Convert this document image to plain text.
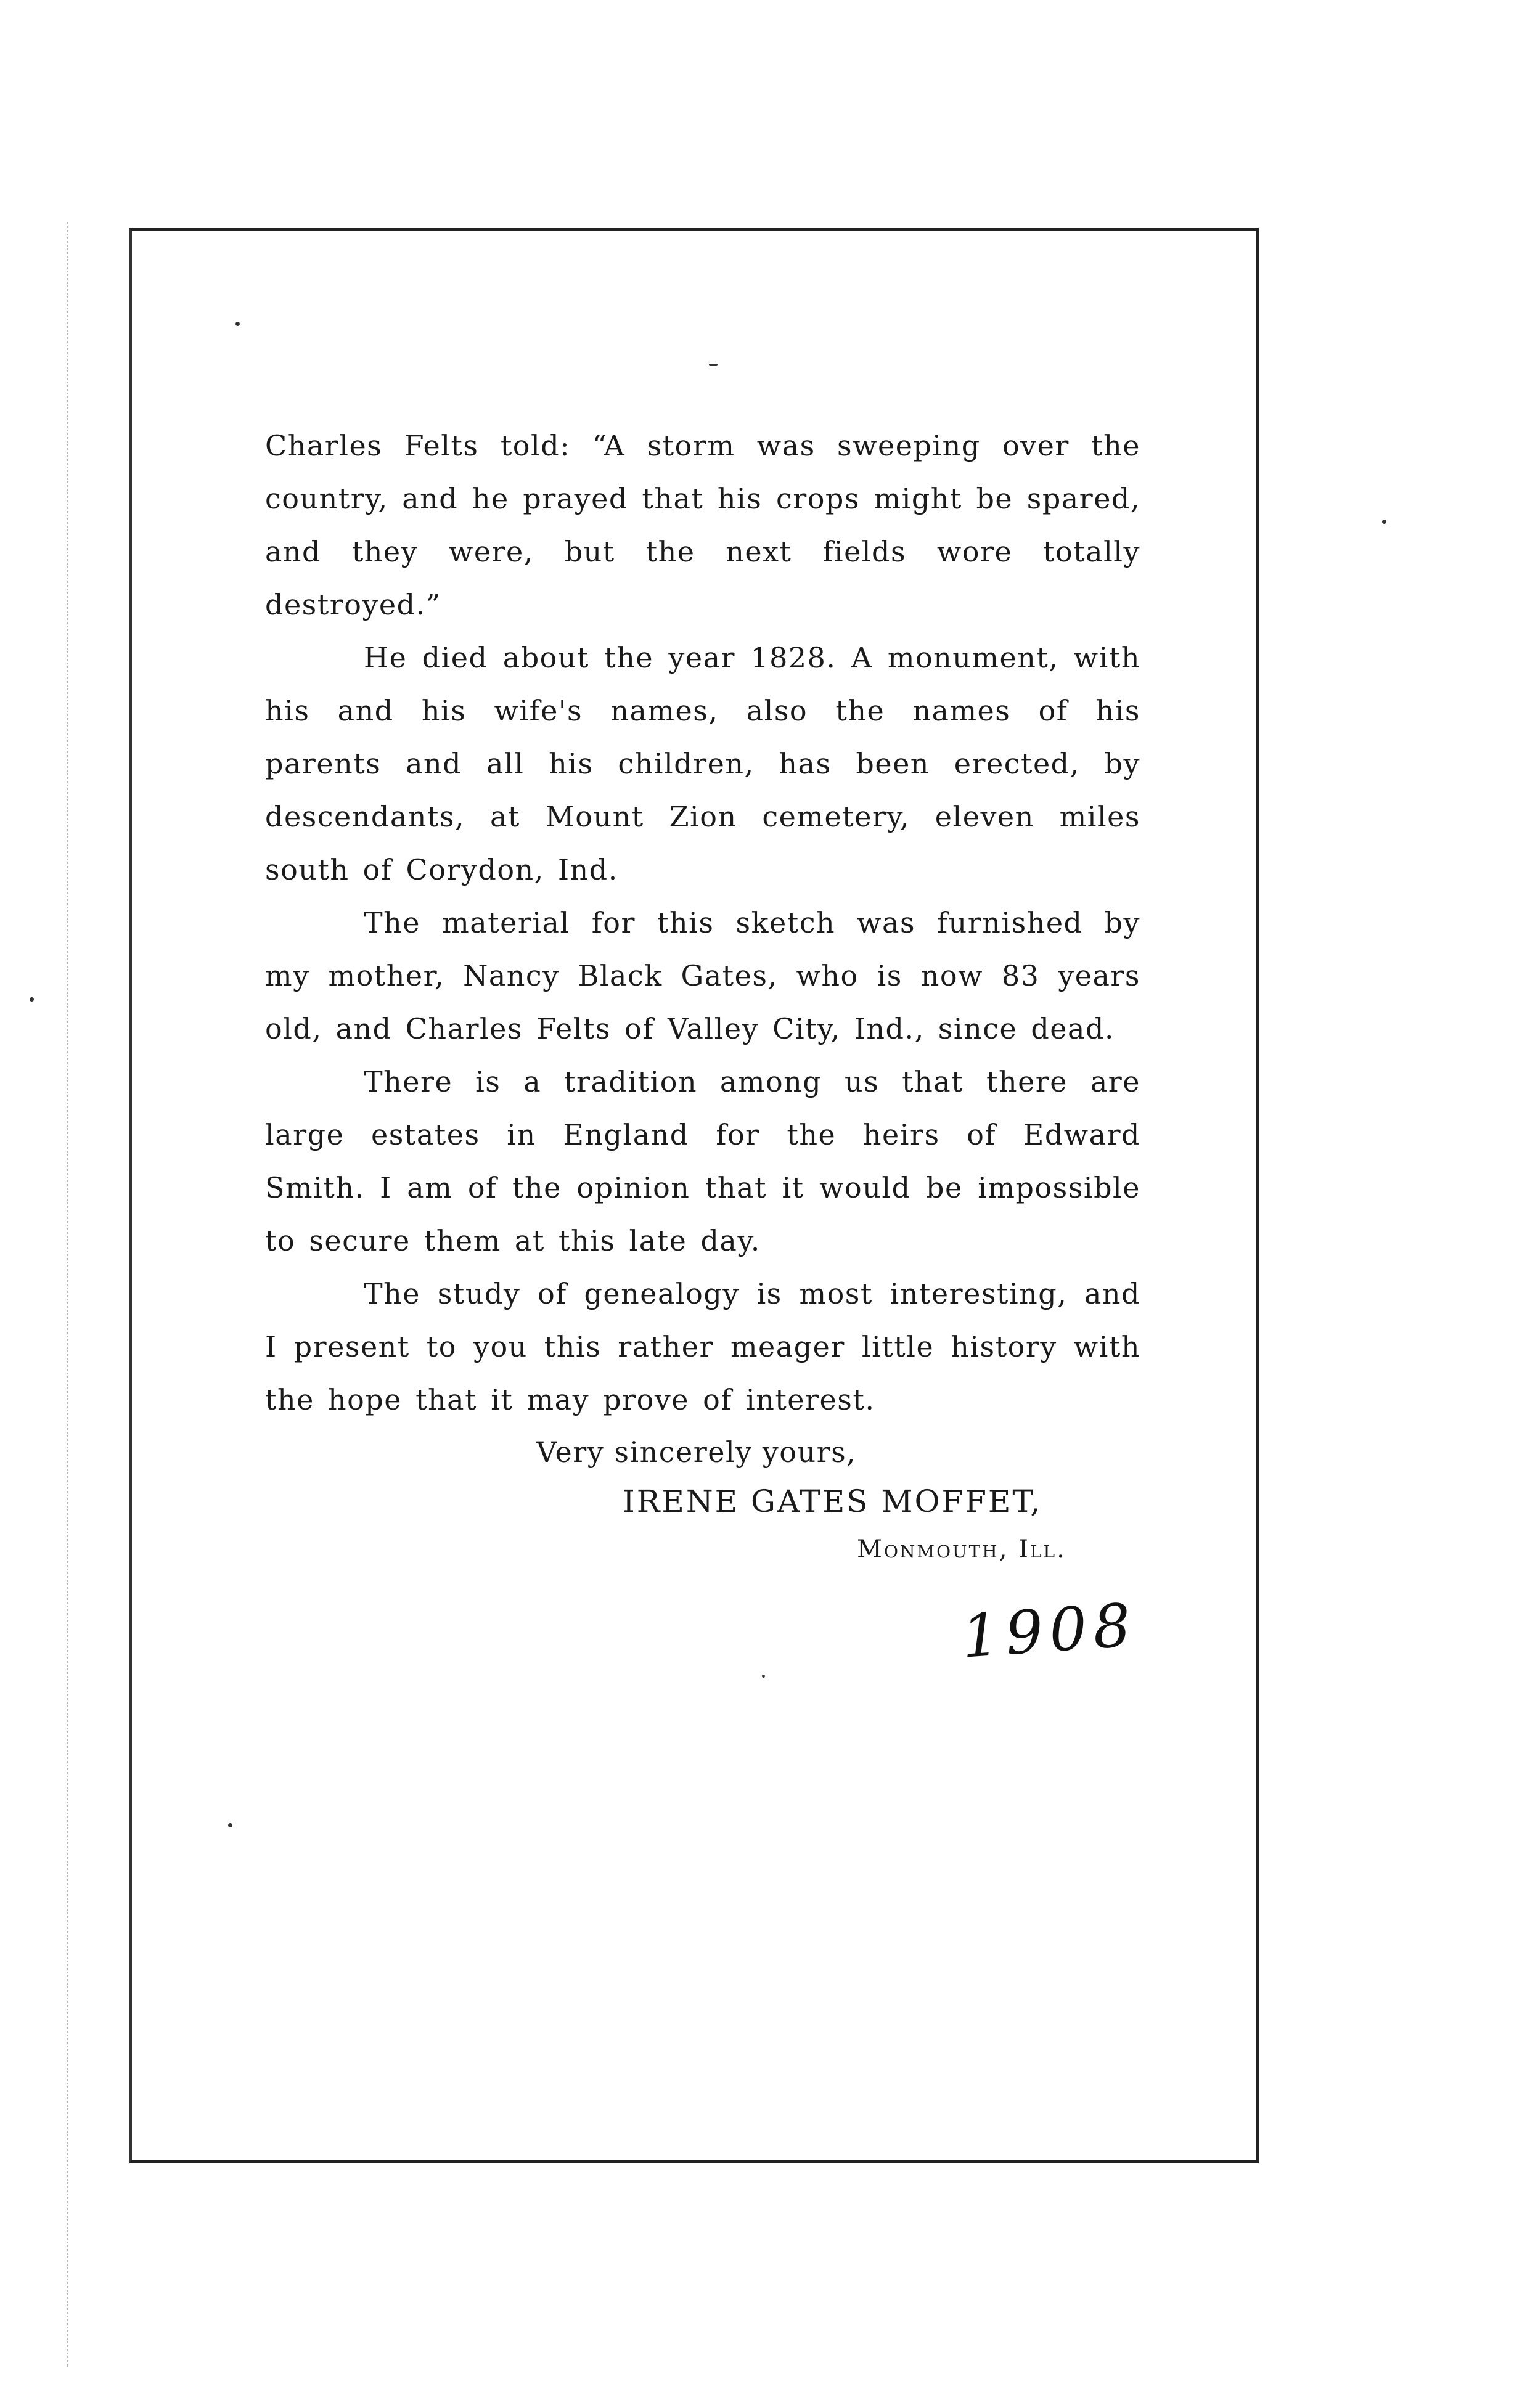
Charles Felts told: “A storm was sweeping over the country, and he prayed that his crops might be spared, and they were, but the next fields wore totally destroyed.”

He died about the year 1828. A monument, with his and his wife's names, also the names of his parents and all his children, has been erected, by descendants, at Mount Zion cemetery, eleven miles south of Corydon, Ind.

The material for this sketch was furnished by my mother, Nancy Black Gates, who is now 83 years old, and Charles Felts of Valley City, Ind., since dead.

There is a tradition among us that there are large estates in England for the heirs of Edward Smith. I am of the opinion that it would be impossible to secure them at this late day.

The study of genealogy is most interesting, and I present to you this rather meager little history with the hope that it may prove of interest.

Very sincerely yours,
IRENE GATES MOFFET,
Monmouth, Ill.
1908
